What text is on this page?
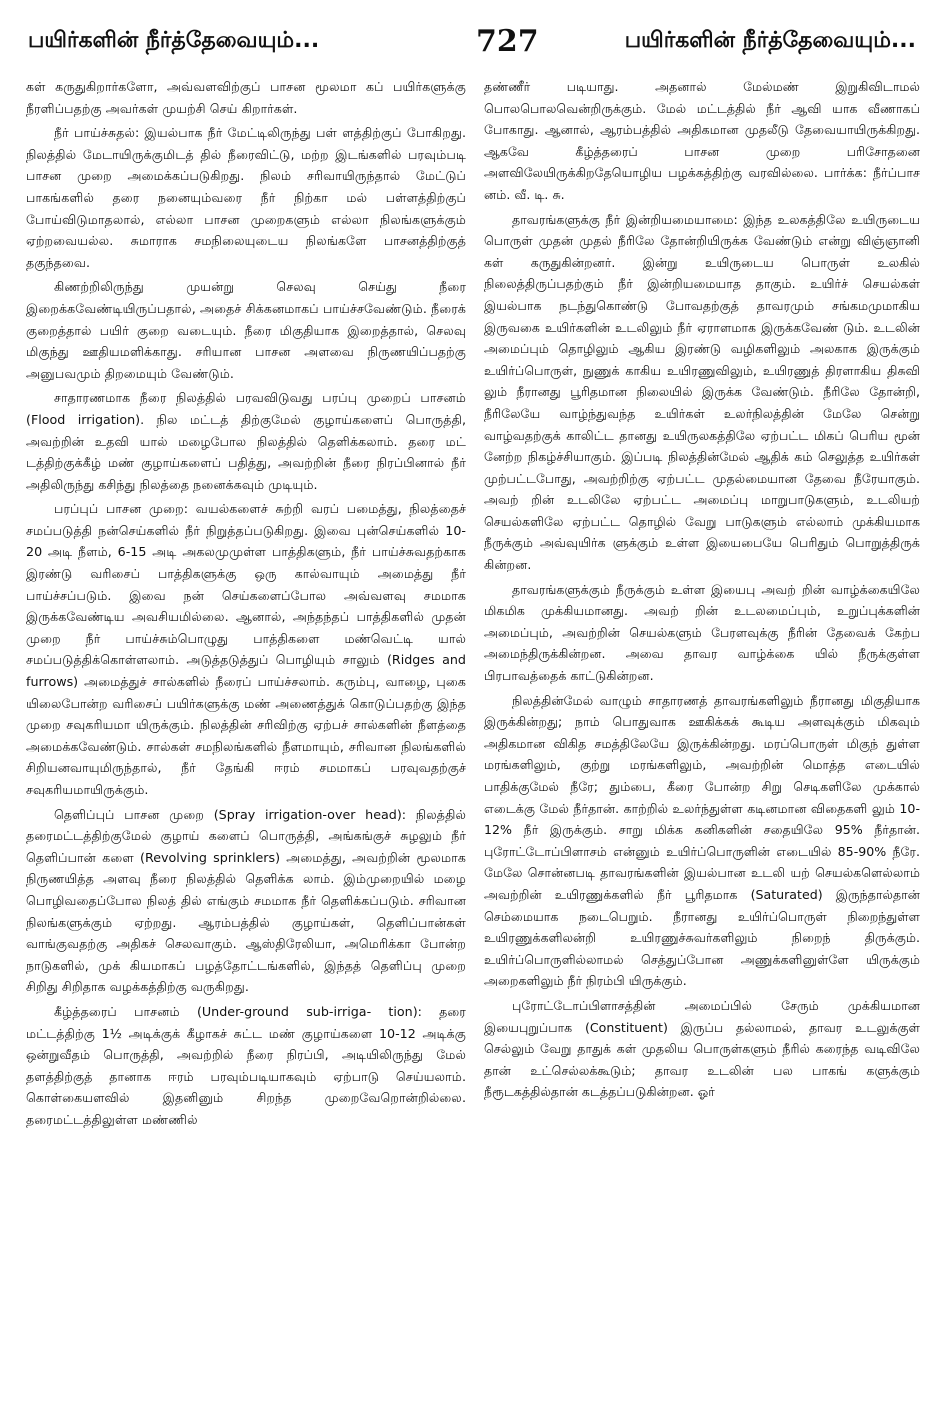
பயிர்களின் நீர்த்தேவையும்...	727	பயிர்களின் நீர்த்தேவையும்...

கள் கருதுகிறார்களோ, அவ்வளவிற்குப் பாசன மூலமா கப் பயிர்களுக்கு நீரளிப்பதற்கு அவர்கள் முயற்சி செய் கிறார்கள்.

நீர் பாய்ச்சுதல்: இயல்பாக நீர் மேட்டிலிருந்து பள் ளத்திற்குப் போகிறது. நிலத்தில் மேடாயிருக்குமிடத் தில் நீரைவிட்டு, மற்ற இடங்களில் பரவும்படி பாசன முறை அமைக்கப்படுகிறது. நிலம் சரிவாயிருந்தால் மேட்டுப் பாகங்களில் தரை நனையும்வரை நீர் நிற்கா மல் பள்ளத்திற்குப் போய்விடுமாதலால், எல்லா பாசன முறைகளும் எல்லா நிலங்களுக்கும் ஏற்றவையல்ல. சுமாராக சமநிலையுடைய நிலங்களே பாசனத்திற்குத் தகுந்தவை.

கிணற்றிலிருந்து முயன்று செலவு செய்து நீரை இறைக்கவேண்டியிருப்பதால், அதைச் சிக்கனமாகப் பாய்ச்சவேண்டும். நீரைக் குறைத்தால் பயிர் குறை வடையும். நீரை மிகுதியாக இறைத்தால், செலவு மிகுந்து ஊதியமளிக்காது. சரியான பாசன அளவை நிருணயிப்பதற்கு அனுபவமும் திறமையும் வேண்டும்.

சாதாரணமாக நீரை நிலத்தில் பரவவிடுவது பரப்பு முறைப் பாசனம் (Flood irrigation). நில மட்டத் திற்குமேல் குழாய்களைப் பொருத்தி, அவற்றின் உதவி யால் மழைபோல நிலத்தில் தெளிக்கலாம். தரை மட் டத்திற்குக்கீழ் மண் குழாய்களைப் பதித்து, அவற்றின் நீரை நிரப்பினால் நீர் அதிலிருந்து கசிந்து நிலத்தை நனைக்கவும் முடியும்.

பரப்புப் பாசன முறை: வயல்களைச் சுற்றி வரப் பமைத்து, நிலத்தைச் சமப்படுத்தி நன்செய்களில் நீர் நிறுத்தப்படுகிறது. இவை புன்செய்களில் 10-20 அடி நீளம், 6-15 அடி அகலமுமுள்ள பாத்திகளும், நீர் பாய்ச்சுவதற்காக இரண்டு வரிசைப் பாத்திகளுக்கு ஒரு கால்வாயும் அமைத்து நீர் பாய்ச்சப்படும். இவை நன் செய்களைப்போல அவ்வளவு சமமாக இருக்கவேண்டிய அவசியமில்லை. ஆனால், அந்தந்தப் பாத்திகளில் முதன் முறை நீர் பாய்ச்சும்பொழுது பாத்திகளை மண்வெட்டி யால் சமப்படுத்திக்கொள்ளலாம். அடுத்தடுத்துப் பொழியும் சாலும் (Ridges and furrows) அமைத்துச் சால்களில் நீரைப் பாய்ச்சலாம். கரும்பு, வாழை, புகை யிலைபோன்ற வரிசைப் பயிர்களுக்கு மண் அணைத்துக் கொடுப்பதற்கு இந்த முறை சவுகரியமா யிருக்கும். நிலத்தின் சரிவிற்கு ஏற்பச் சால்களின் நீளத்தை அமைக்கவேண்டும். சால்கள் சமநிலங்களில் நீளமாயும், சரிவான நிலங்களில் சிறியனவாயுமிருந்தால், நீர் தேங்கி ஈரம் சமமாகப் பரவுவதற்குச் சவுகரியமாயிருக்கும்.

தெளிப்புப் பாசன முறை (Spray irrigation-over head): நிலத்தில் தரைமட்டத்திற்குமேல் குழாய் களைப் பொருத்தி, அங்கங்குச் சுழலும் நீர் தெளிப்பான் களை (Revolving sprinklers) அமைத்து, அவற்றின் மூலமாக நிருணயித்த அளவு நீரை நிலத்தில் தெளிக்க லாம். இம்முறையில் மழை பொழிவதைப்போல நிலத் தில் எங்கும் சமமாக நீர் தெளிக்கப்படும். சரிவான நிலங்களுக்கும் ஏற்றது. ஆரம்பத்தில் குழாய்கள், தெளிப்பான்கள் வாங்குவதற்கு அதிகச் செலவாகும். ஆஸ்திரேலியா, அமெரிக்கா போன்ற நாடுகளில், முக் கியமாகப் பழத்தோட்டங்களில், இந்தத் தெளிப்பு முறை சிறிது சிறிதாக வழக்கத்திற்கு வருகிறது.

கீழ்த்தரைப் பாசனம் (Under-ground sub-irriga- tion): தரை மட்டத்திற்கு 1½ அடிக்குக் கீழாகச் சுட்ட மண் குழாய்களை 10-12 அடிக்கு ஒன்றுவீதம் பொருத்தி, அவற்றில் நீரை நிரப்பி, அடியிலிருந்து மேல் தளத்திற்குத் தானாக ஈரம் பரவும்படியாகவும் ஏற்பாடு செய்யலாம். கொள்கையளவில் இதனினும் சிறந்த முறைவேறொன்றில்லை. தரைமட்டத்திலுள்ள மண்ணில்

தண்ணீர் படியாது. அதனால் மேல்மண் இறுகிவிடாமல் பொலபொலவென்றிருக்கும். மேல் மட்டத்தில் நீர் ஆவி யாக வீணாகப் போகாது. ஆனால், ஆரம்பத்தில் அதிகமான முதலீடு தேவையாயிருக்கிறது. ஆகவே கீழ்த்தரைப் பாசன முறை பரிசோதனை அளவிலேயிருக்கிறதேயொழிய பழக்கத்திற்கு வரவில்லை. பார்க்க: நீர்ப்பாச னம். வீ. டி. சு.

தாவரங்களுக்கு நீர் இன்றியமையாமை: இந்த உலகத்திலே உயிருடைய பொருள் முதன் முதல் நீரிலே தோன்றியிருக்க வேண்டும் என்று விஞ்ஞானி கள் கருதுகின்றனர். இன்று உயிருடைய பொருள் உலகில் நிலைத்திருப்பதற்கும் நீர் இன்றியமையாத தாகும். உயிர்ச் செயல்கள் இயல்பாக நடந்துகொண்டு போவதற்குத் தாவரமும் சங்கமமுமாகிய இருவகை உயிர்களின் உடலிலும் நீர் ஏராளமாக இருக்கவேண் டும். உடலின் அமைப்பும் தொழிலும் ஆகிய இரண்டு வழிகளிலும் அலகாக இருக்கும் உயிர்ப்பொருள், நுணுக் காகிய உயிரணுவிலும், உயிரணுத் திரளாகிய திசுவி லும் நீரானது பூரிதமான நிலையில் இருக்க வேண்டும். நீரிலே தோன்றி, நீரிலேயே வாழ்ந்துவந்த உயிர்கள் உலர்நிலத்தின் மேலே சென்று வாழ்வதற்குக் காலிட்ட தானது உயிருலகத்திலே ஏற்பட்ட மிகப் பெரிய மூன் னேற்ற நிகழ்ச்சியாகும். இப்படி நிலத்தின்மேல் ஆதிக் கம் செலுத்த உயிர்கள் முற்பட்டபோது, அவற்றிற்கு ஏற்பட்ட முதல்மையான தேவை நீரேயாகும். அவற் றின் உடலிலே ஏற்பட்ட அமைப்பு மாறுபாடுகளும், உடலியற் செயல்களிலே ஏற்பட்ட தொழில் வேறு பாடுகளும் எல்லாம் முக்கியமாக நீருக்கும் அவ்வுயிர்க ளுக்கும் உள்ள இயைபையே பெரிதும் பொறுத்திருக் கின்றன.

தாவரங்களுக்கும் நீருக்கும் உள்ள இயைபு அவற் றின் வாழ்க்கையிலே மிகமிக முக்கியமானது. அவற் றின் உடலமைப்பும், உறுப்புக்களின் அமைப்பும், அவற்றின் செயல்களும் பேரளவுக்கு நீரின் தேவைக் கேற்ப அமைந்திருக்கின்றன. அவை தாவர வாழ்க்கை யில் நீருக்குள்ள பிரபாவத்தைக் காட்டுகின்றன.

நிலத்தின்மேல் வாழும் சாதாரணத் தாவரங்களிலும் நீரானது மிகுதியாக இருக்கின்றது; நாம் பொதுவாக ஊகிக்கக் கூடிய அளவுக்கும் மிகவும் அதிகமான விகித சமத்திலேயே இருக்கின்றது. மரப்பொருள் மிகுந் துள்ள மரங்களிலும், குற்று மரங்களிலும், அவற்றின் மொத்த எடையில் பாதிக்குமேல் நீரே; தும்பை, கீரை போன்ற சிறு செடிகளிலே முக்கால் எடைக்கு மேல் நீர்தான். காற்றில் உலர்ந்துள்ள கடினமான விதைகளி லும் 10-12% நீர் இருக்கும். சாறு மிக்க கனிகளின் சதையிலே 95% நீர்தான். புரோட்டோப்பிளாசம் என்னும் உயிர்ப்பொருளின் எடையில் 85-90% நீரே. மேலே சொன்னபடி தாவரங்களின் இயல்பான உடலி யற் செயல்களெல்லாம் அவற்றின் உயிரணுக்களில் நீர் பூரிதமாக (Saturated) இருந்தால்தான் செம்மையாக நடைபெறும். நீரானது உயிர்ப்பொருள் நிறைந்துள்ள உயிரணுக்களிலன்றி உயிரணுச்சுவர்களிலும் நிறைந் திருக்கும். உயிர்ப்பொருளில்லாமல் செத்துப்போன அணுக்களினுள்ளே யிருக்கும் அறைகளிலும் நீர் நிரம்பி யிருக்கும்.

புரோட்டோப்பிளாசத்தின் அமைப்பில் சேரும் முக்கியமான இயைபுறுப்பாக (Constituent) இருப்ப தல்லாமல், தாவர உடலுக்குள் செல்லும் வேறு தாதுக் கள் முதலிய பொருள்களும் நீரில் கரைந்த வடிவிலே தான் உட்செல்லக்கூடும்; தாவர உடலின் பல பாகங் களுக்கும் நீரூடகத்தில்தான் கடத்தப்படுகின்றன. ஓர்
